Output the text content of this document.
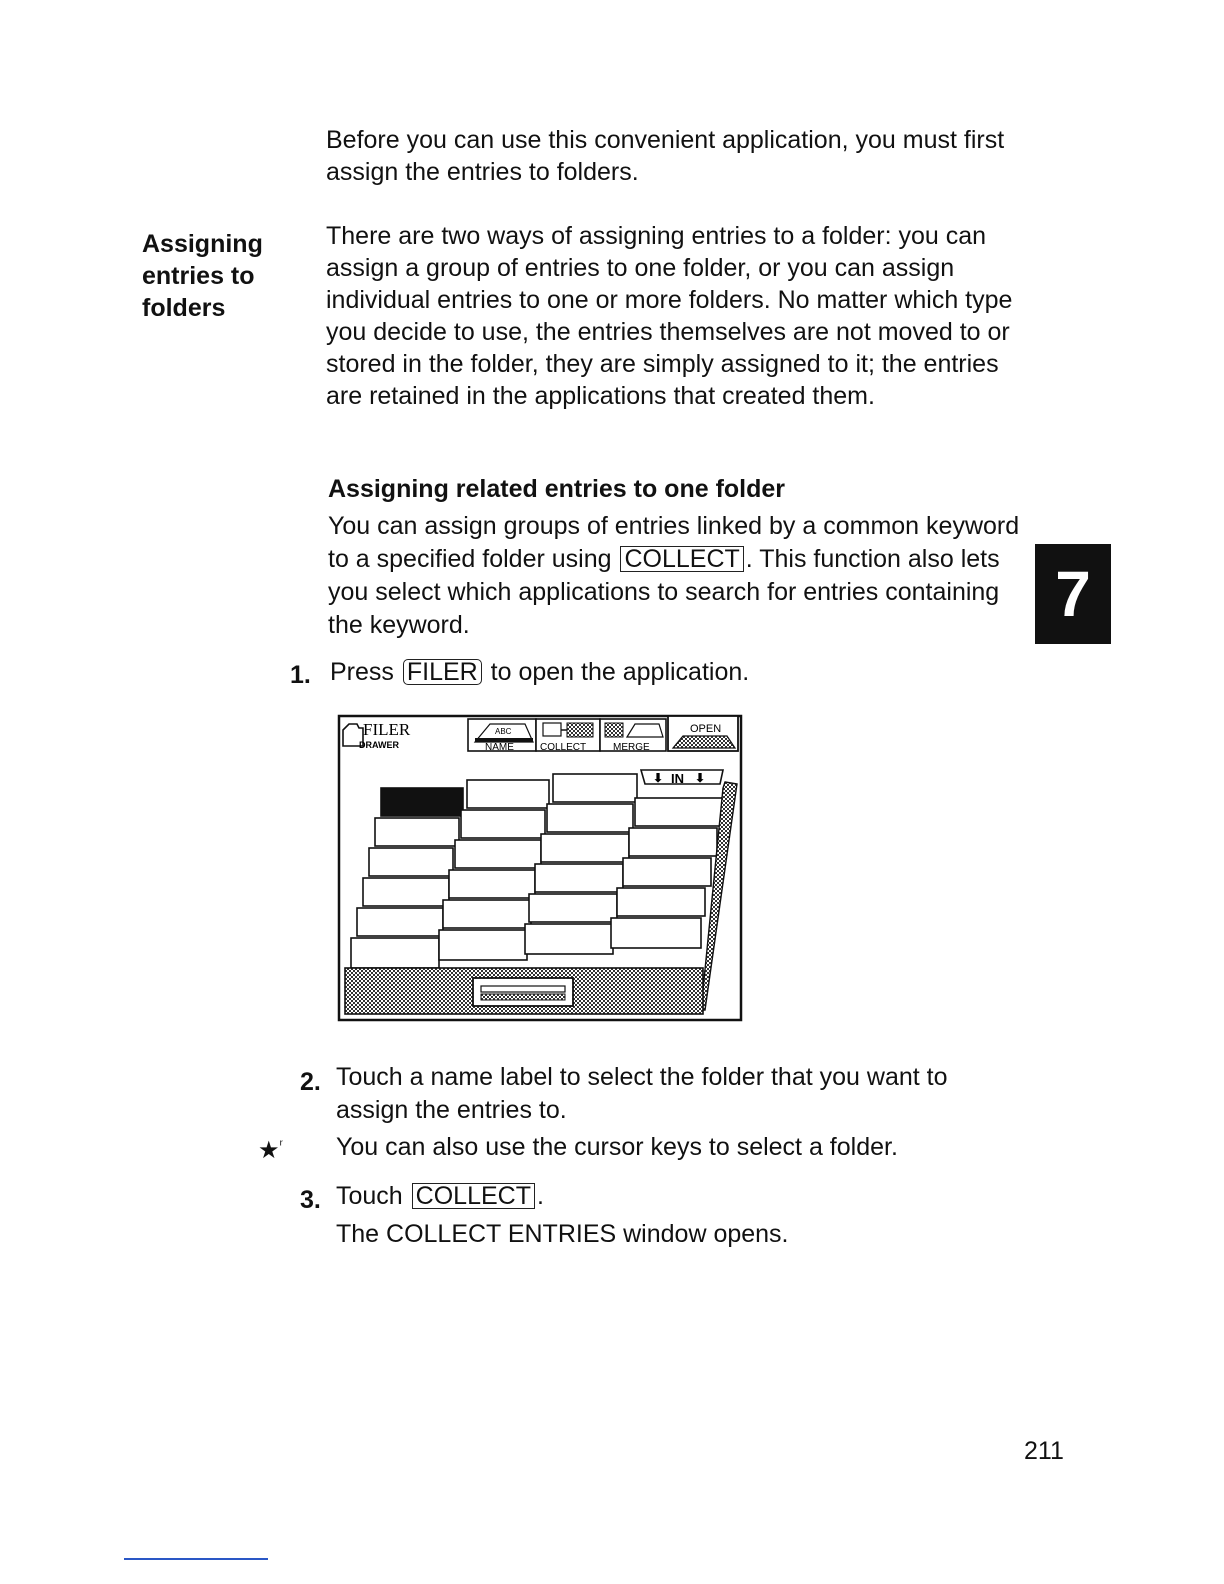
Before you can use this convenient application, you must first assign the entries to folders.

Assigning
entries to
folders

There are two ways of assigning entries to a folder: you can assign a group of entries to one folder, or you can assign individual entries to one or more folders. No matter which type you decide to use, the entries themselves are not moved to or stored in the folder, they are simply assigned to it; the entries are retained in the applications that created them.

Assigning related entries to one folder

You can assign groups of entries linked by a common keyword to a specified folder using COLLECT . This function also lets you select which applications to search for entries containing the keyword.

1. Press FILER to open the application.

FILER
DRAWER
ABC
NAME	COLLECT	MERGE
OPEN
⬇ IN ⬇
2. Touch a name label to select the folder that you want to assign the entries to.

★$^ʳ$ You can also use the cursor keys to select a folder.

3. Touch COLLECT .

The COLLECT ENTRIES window opens.

7
211
